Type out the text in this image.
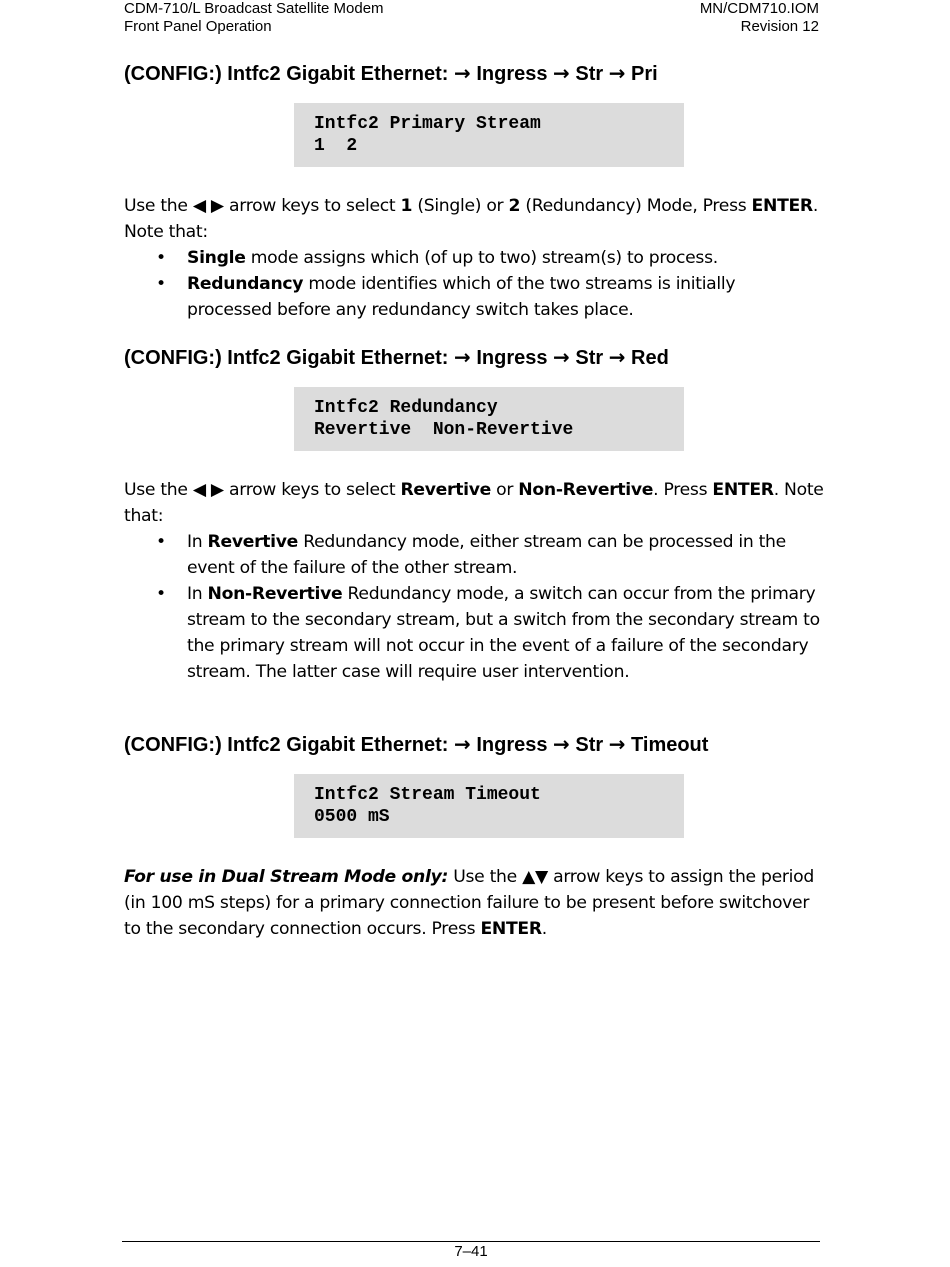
CDM-710/L Broadcast Satellite Modem
Front Panel Operation
MN/CDM710.IOM
Revision 12
(CONFIG:) Intfc2 Gigabit Ethernet: → Ingress → Str → Pri
Intfc2 Primary Stream
1  2
Use the ◀ ▶ arrow keys to select 1 (Single) or 2 (Redundancy) Mode, Press ENTER. Note that:
• Single mode assigns which (of up to two) stream(s) to process.
• Redundancy mode identifies which of the two streams is initially processed before any redundancy switch takes place.
(CONFIG:) Intfc2 Gigabit Ethernet: → Ingress → Str → Red
Intfc2 Redundancy
Revertive  Non-Revertive
Use the ◀ ▶ arrow keys to select Revertive or Non-Revertive. Press ENTER. Note that:
• In Revertive Redundancy mode, either stream can be processed in the event of the failure of the other stream.
• In Non-Revertive Redundancy mode, a switch can occur from the primary stream to the secondary stream, but a switch from the secondary stream to the primary stream will not occur in the event of a failure of the secondary stream. The latter case will require user intervention.
(CONFIG:) Intfc2 Gigabit Ethernet: → Ingress → Str → Timeout
Intfc2 Stream Timeout
0500 mS
For use in Dual Stream Mode only: Use the ▲▼ arrow keys to assign the period (in 100 mS steps) for a primary connection failure to be present before switchover to the secondary connection occurs. Press ENTER.
7–41
